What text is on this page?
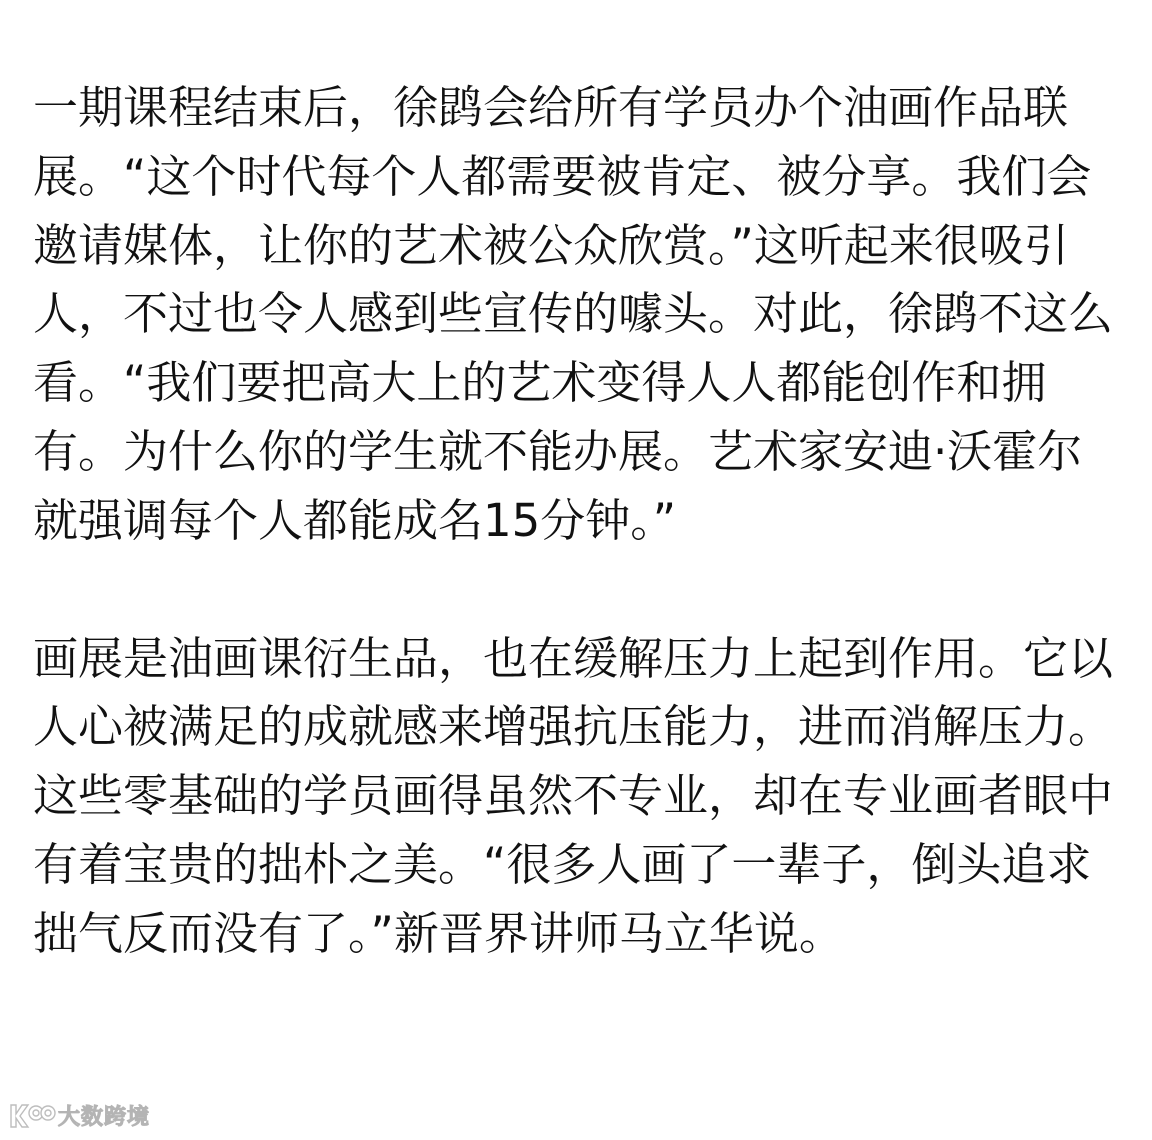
一期课程结束后，徐鹍会给所有学员办个油画作品联展。“这个时代每个人都需要被肯定、被分享。我们会邀请媒体，让你的艺术被公众欣赏。”这听起来很吸引人，不过也令人感到些宣传的噱头。对此，徐鹍不这么看。“我们要把高大上的艺术变得人人都能创作和拥有。为什么你的学生就不能办展。艺术家安迪·沃霍尔就强调每个人都能成名15分钟。”

画展是油画课衍生品，也在缓解压力上起到作用。它以人心被满足的成就感来增强抗压能力，进而消解压力。这些零基础的学员画得虽然不专业，却在专业画者眼中有着宝贵的拙朴之美。“很多人画了一辈子，倒头追求拙气反而没有了。”新晋界讲师马立华说。

大数跨境
